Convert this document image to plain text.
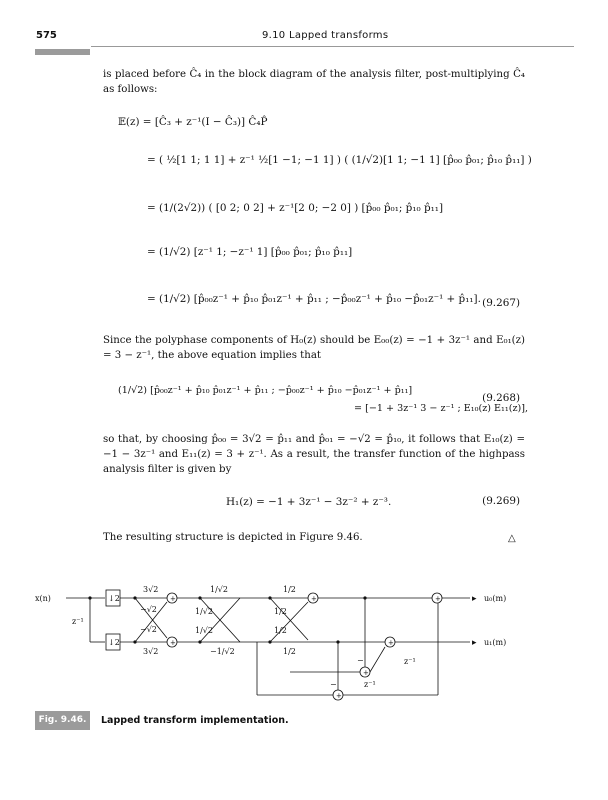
575	9.10 Lapped transforms
is placed before Ĉ₄ in the block diagram of the analysis filter, post-multiplying Ĉ₄ as follows:
𝔼(z) = [Ĉ₃ + z⁻¹(I − Ĉ₃)] Ĉ₄P̂
= ( ½[1 1; 1 1] + z⁻¹ ½[1 −1; −1 1] ) ( (1/√2)[1 1; −1 1] [p̂₀₀ p̂₀₁; p̂₁₀ p̂₁₁] )
= (1/(2√2)) ( [0 2; 0 2] + z⁻¹[2 0; −2 0] ) [p̂₀₀ p̂₀₁; p̂₁₀ p̂₁₁]
= (1/√2) [z⁻¹ 1; −z⁻¹ 1] [p̂₀₀ p̂₀₁; p̂₁₀ p̂₁₁]
= (1/√2) [p̂₀₀z⁻¹ + p̂₁₀ p̂₀₁z⁻¹ + p̂₁₁ ; −p̂₀₀z⁻¹ + p̂₁₀ −p̂₀₁z⁻¹ + p̂₁₁]. (9.267)
Since the polyphase components of H₀(z) should be E₀₀(z) = −1 + 3z⁻¹ and E₀₁(z) = 3 − z⁻¹, the above equation implies that
(1/√2) [p̂₀₀z⁻¹ + p̂₁₀ p̂₀₁z⁻¹ + p̂₁₁ ; −p̂₀₀z⁻¹ + p̂₁₀ −p̂₀₁z⁻¹ + p̂₁₁]
= [−1 + 3z⁻¹ 3 − z⁻¹ ; E₁₀(z) E₁₁(z)],
(9.268)
so that, by choosing p̂₀₀ = 3√2 = p̂₁₁ and p̂₀₁ = −√2 = p̂₁₀, it follows that E₁₀(z) = −1 − 3z⁻¹ and E₁₁(z) = 3 + z⁻¹. As a result, the transfer function of the highpass analysis filter is given by
H₁(z) = −1 + 3z⁻¹ − 3z⁻² + z⁻³.	(9.269)
The resulting structure is depicted in Figure 9.46.	△
▸
▸
x(n)
z⁻¹
↓2
↓2
3√2
−√2
−√2
3√2
1/√2
1/√2
1/√2
−1/√2
1/2
1/2
1/2
1/2
z⁻¹
z⁻¹
−
−
u₀(m)
u₁(m)
+
+
+
+
+
+
+
Fig. 9.46.	Lapped transform implementation.
